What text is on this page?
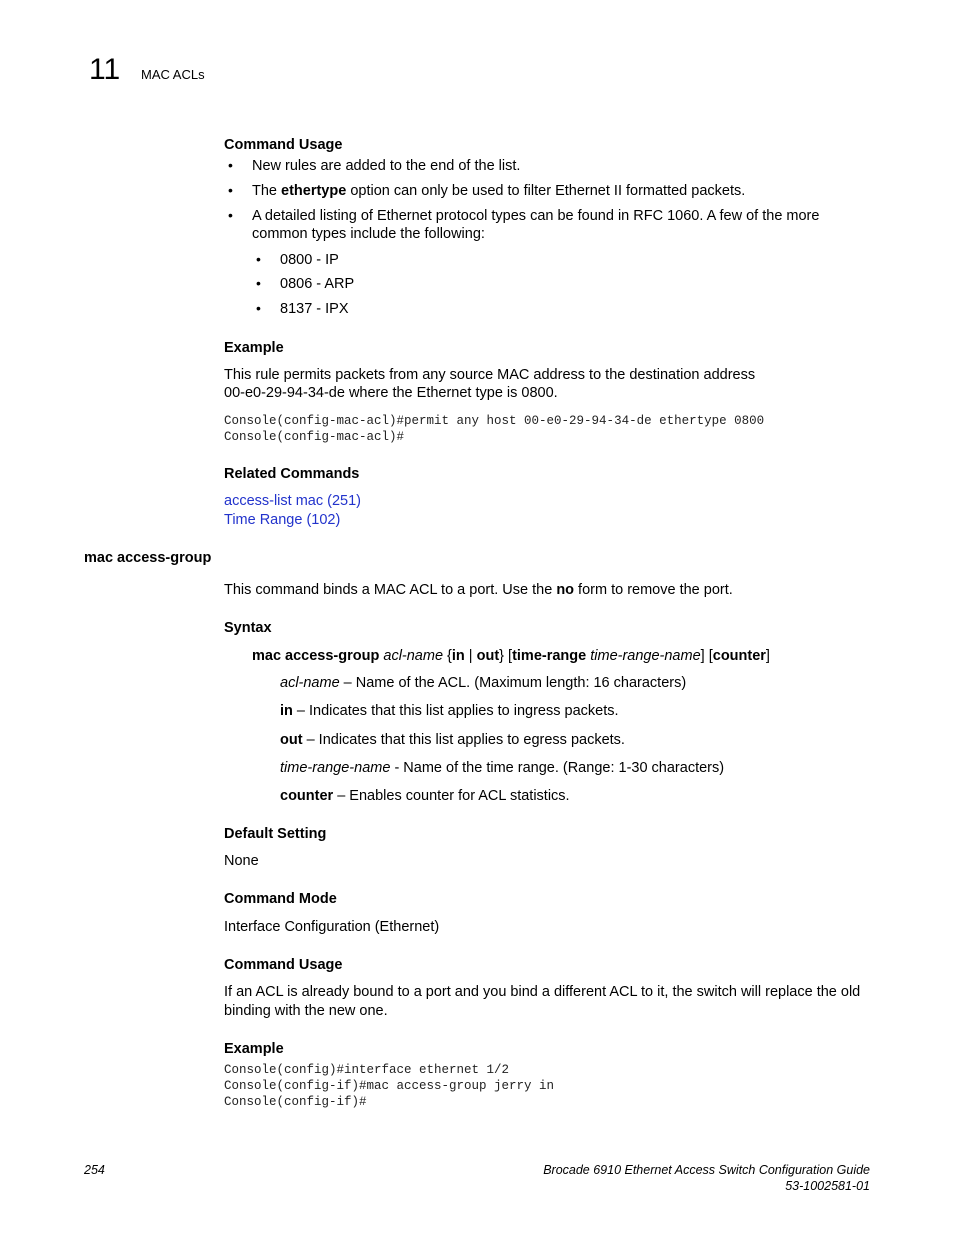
11 MAC ACLs
Command Usage
• New rules are added to the end of the list.
• The ethertype option can only be used to filter Ethernet II formatted packets.
• A detailed listing of Ethernet protocol types can be found in RFC 1060. A few of the more
common types include the following:
• 0800 - IP
• 0806 - ARP
• 8137 - IPX
Example
This rule permits packets from any source MAC address to the destination address
00-e0-29-94-34-de where the Ethernet type is 0800.
Console(config-mac-acl)#permit any host 00-e0-29-94-34-de ethertype 0800
Console(config-mac-acl)#
Related Commands
access-list mac (251)
Time Range (102)
mac access-group
This command binds a MAC ACL to a port. Use the no form to remove the port.
Syntax
mac access-group acl-name {in | out} [time-range time-range-name] [counter]
acl-name – Name of the ACL. (Maximum length: 16 characters)
in – Indicates that this list applies to ingress packets.
out – Indicates that this list applies to egress packets.
time-range-name - Name of the time range. (Range: 1-30 characters)
counter – Enables counter for ACL statistics.
Default Setting
None
Command Mode
Interface Configuration (Ethernet)
Command Usage
If an ACL is already bound to a port and you bind a different ACL to it, the switch will replace the old
binding with the new one.
Example
Console(config)#interface ethernet 1/2
Console(config-if)#mac access-group jerry in
Console(config-if)#
254	Brocade 6910 Ethernet Access Switch Configuration Guide
53-1002581-01
